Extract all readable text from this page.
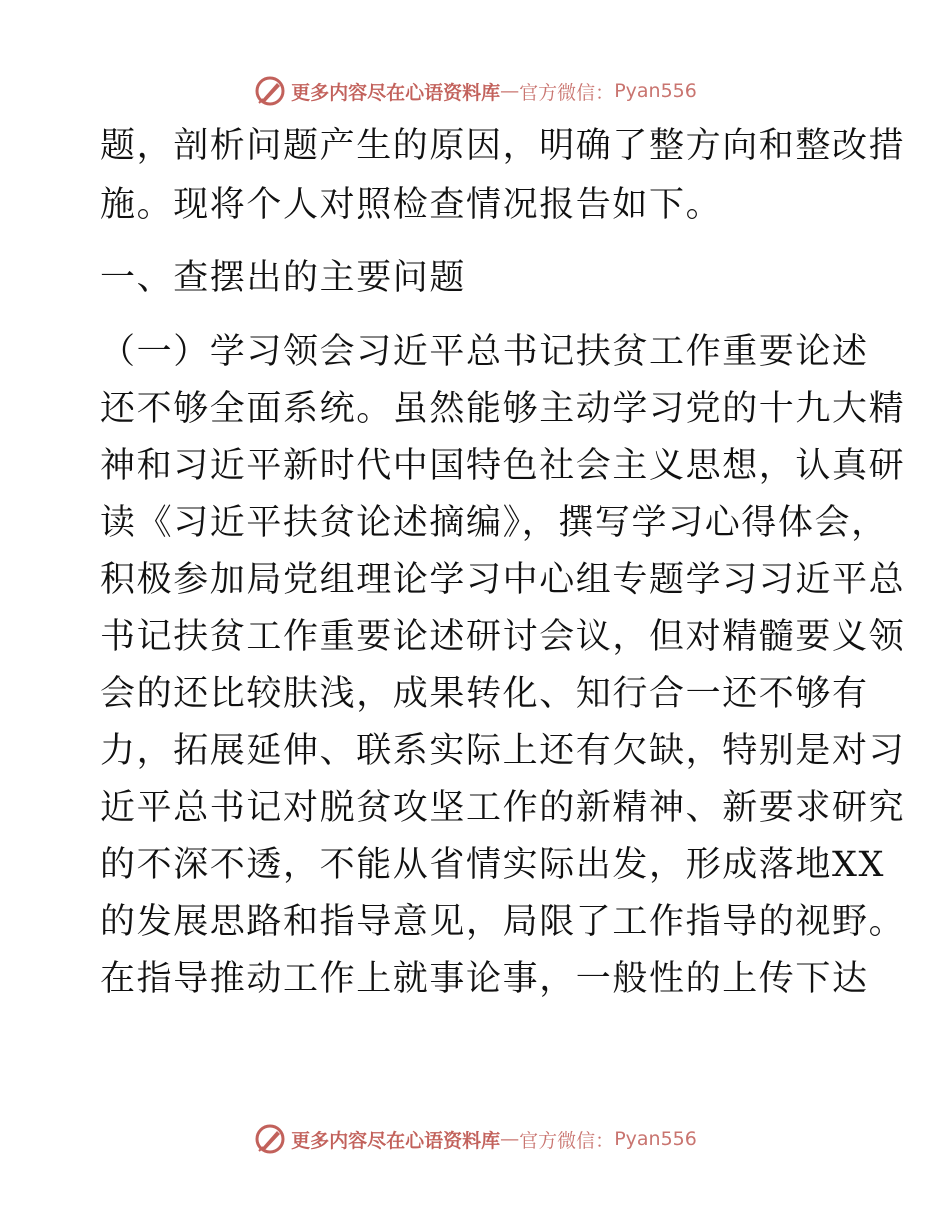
更多内容尽在心语资料库 — 官方微信： Pyan556
题，剖析问题产生的原因，明确了整方向和整改措
施。现将个人对照检查情况报告如下。
一、查摆出的主要问题
（一）学习领会习近平总书记扶贫工作重要论述
还不够全面系统。虽然能够主动学习党的十九大精
神和习近平新时代中国特色社会主义思想，认真研
读《习近平扶贫论述摘编》，撰写学习心得体会，
积极参加局党组理论学习中心组专题学习习近平总
书记扶贫工作重要论述研讨会议，但对精髓要义领
会的还比较肤浅，成果转化、知行合一还不够有
力，拓展延伸、联系实际上还有欠缺，特别是对习
近平总书记对脱贫攻坚工作的新精神、新要求研究
的不深不透，不能从省情实际出发，形成落地XX
的发展思路和指导意见，局限了工作指导的视野。
在指导推动工作上就事论事，一般性的上传下达
更多内容尽在心语资料库 — 官方微信： Pyan556
